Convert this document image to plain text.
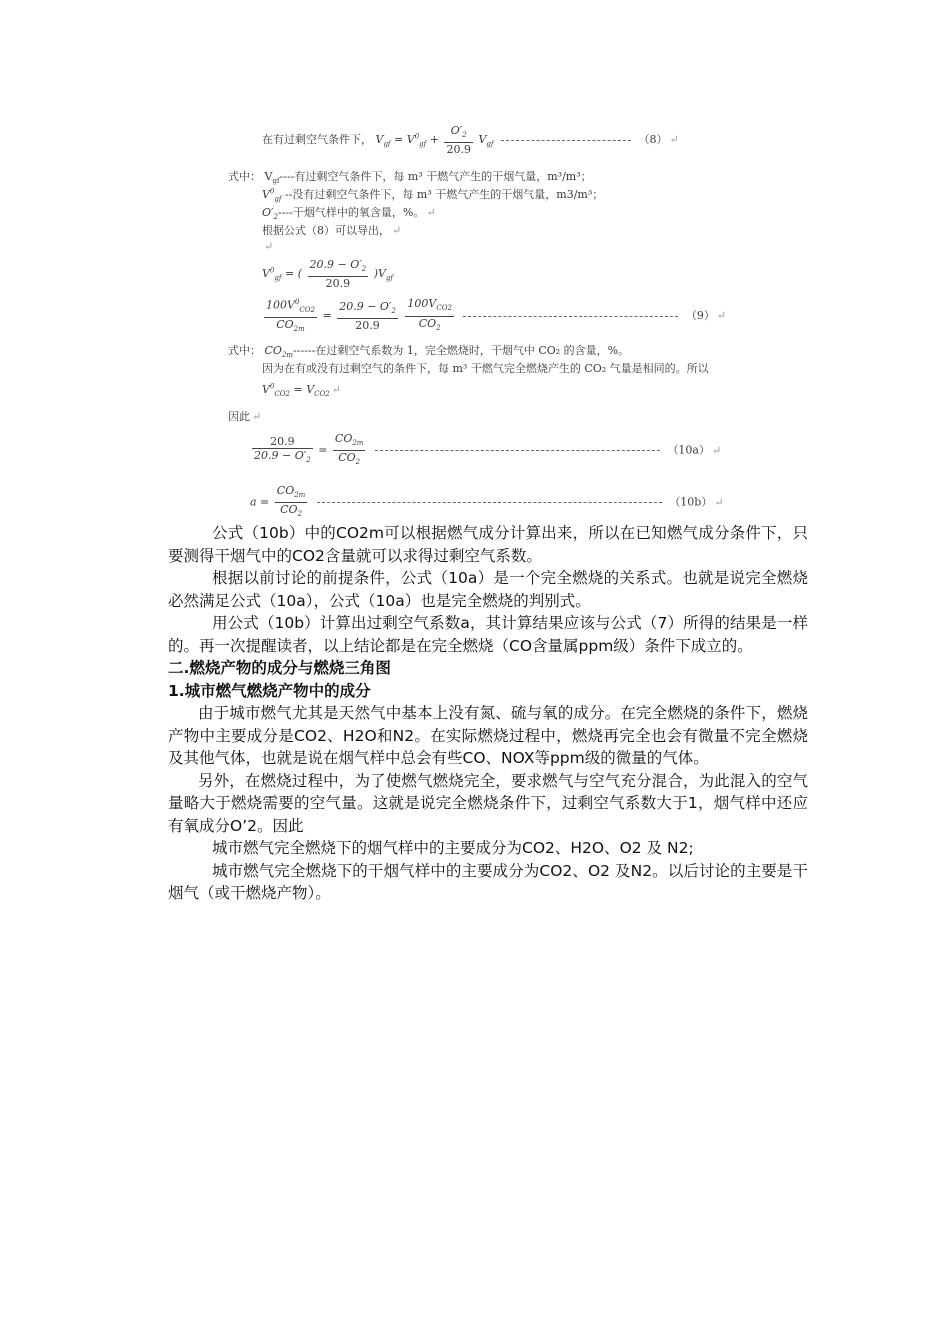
在有过剩空气条件下， $V_{gf} = V^0_{gf} + \frac{O'_2}{20.9} V_{gf}$	（8） ↵
式中： $V_{gf}----$有过剩空气条件下，每 m³ 干燃气产生的干烟气量，m³/m³；
$V^0_{gf}$ --没有过剩空气条件下，每 m³ 干燃气产生的干烟气量，m3/m³；
$O'_2----$干烟气样中的氧含量，%。 ↵
根据公式（8）可以导出， ↵
↵
$V^0_{gf}$ = ( $\frac{20.9 - O'_2}{20.9} )V_{gf}$
$\frac{100V^0_{CO2}}{CO_{2m}} = \frac{20.9 - O'_2}{20.9}$
$\frac{100V_{CO2}}{CO_2}$	（9） ↵
式中： $CO_{2m}------$在过剩空气系数为 1，完全燃烧时，干烟气中 CO₂ 的含量，%。
因为在有或没有过剩空气的条件下，每 m³ 干燃气完全燃烧产生的 CO₂ 气量是相同的。所以
$V^0_{CO2} = V_{CO2}$ ↵
因此 ↵
$\frac{20.9}{20.9 - O'_2} = \frac{CO_{2m}}{CO_2}$	（10a） ↵
$a = \frac{CO_{2m}}{CO_2}$	（10b） ↵

公式（10b）中的CO2m可以根据燃气成分计算出来，所以在已知燃气成分条件下，只要测得干烟气中的CO2含量就可以求得过剩空气系数。

根据以前讨论的前提条件，公式（10a）是一个完全燃烧的关系式。也就是说完全燃烧必然满足公式（10a），公式（10a）也是完全燃烧的判别式。

用公式（10b）计算出过剩空气系数a，其计算结果应该与公式（7）所得的结果是一样的。再一次提醒读者，以上结论都是在完全燃烧（CO含量属ppm级）条件下成立的。

二.燃烧产物的成分与燃烧三角图

1.城市燃气燃烧产物中的成分

由于城市燃气尤其是天然气中基本上没有氮、硫与氧的成分。在完全燃烧的条件下，燃烧产物中主要成分是CO2、H2O和N2。在实际燃烧过程中，燃烧再完全也会有微量不完全燃烧及其他气体，也就是说在烟气样中总会有些CO、NOX等ppm级的微量的气体。

另外，在燃烧过程中，为了使燃气燃烧完全，要求燃气与空气充分混合，为此混入的空气量略大于燃烧需要的空气量。这就是说完全燃烧条件下，过剩空气系数大于1，烟气样中还应有氧成分O’2。因此

城市燃气完全燃烧下的烟气样中的主要成分为CO2、H2O、O2 及 N2;

城市燃气完全燃烧下的干烟气样中的主要成分为CO2、O2 及N2。以后讨论的主要是干烟气（或干燃烧产物）。
